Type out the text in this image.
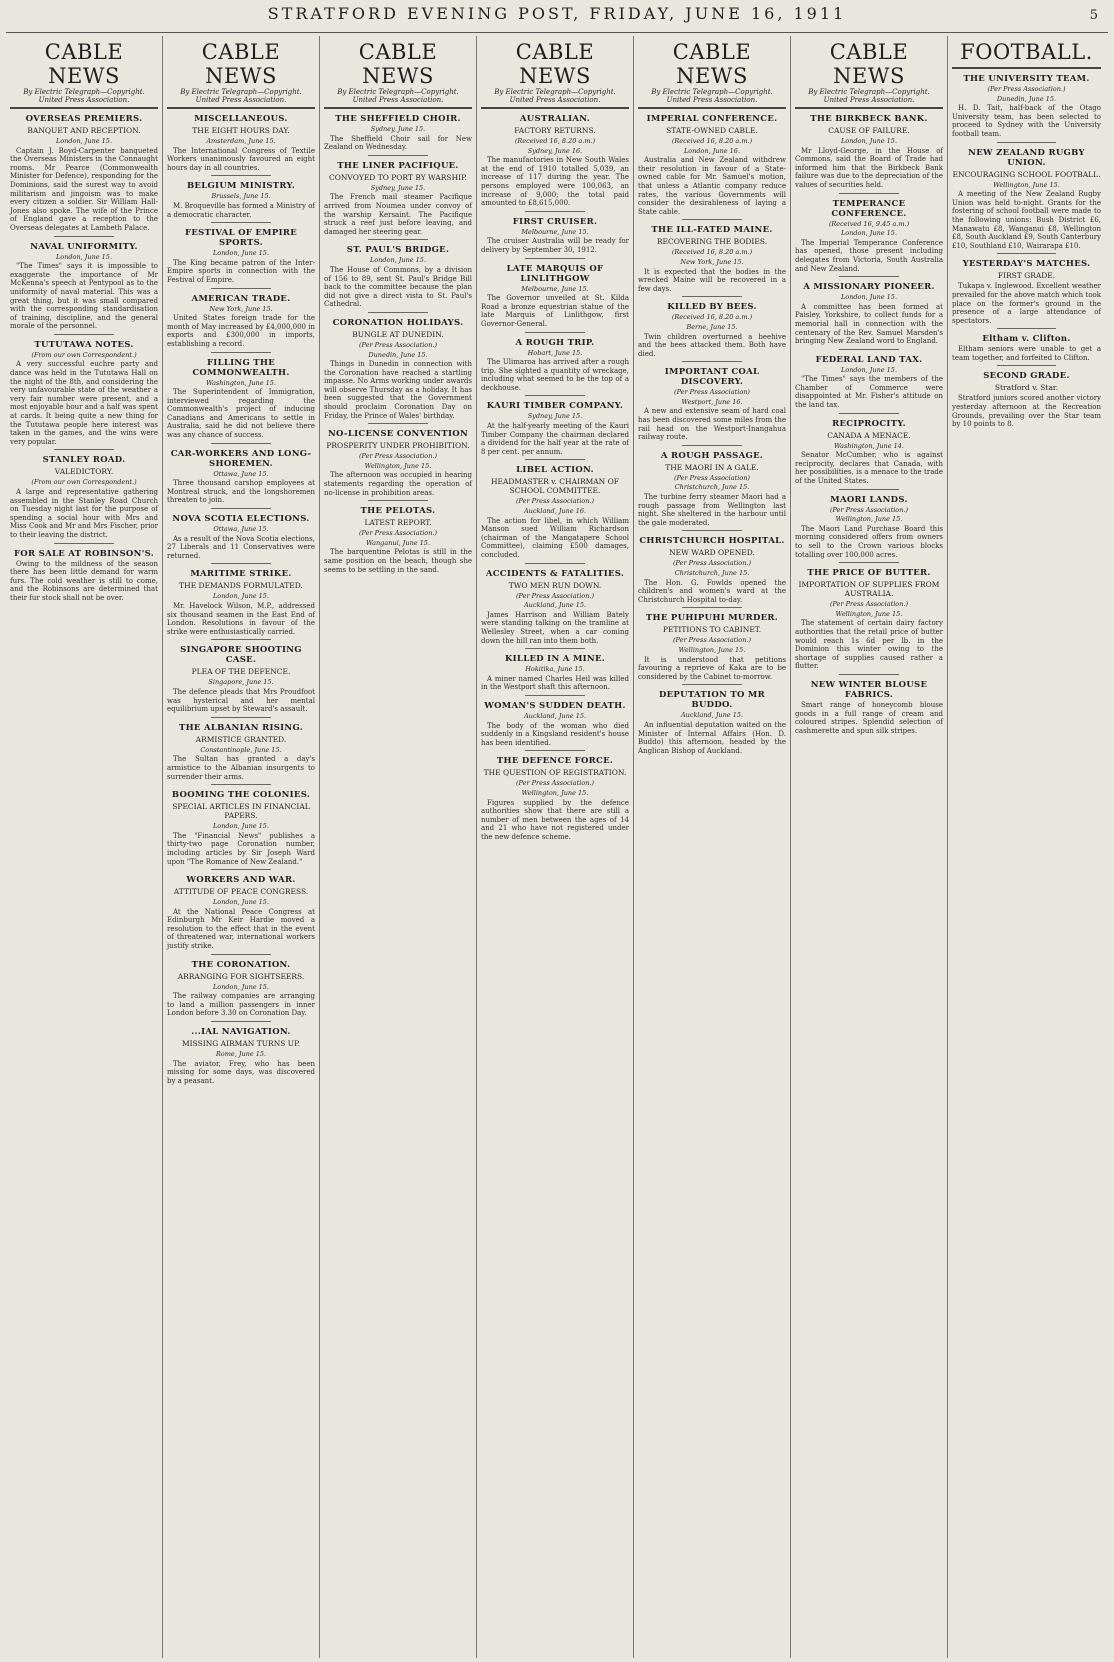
STRATFORD EVENING POST, FRIDAY, JUNE 16, 1911	5
CABLE NEWS
By Electric Telegraph—Copyright.
United Press Association.
OVERSEAS PREMIERS.
BANQUET AND RECEPTION.
London, June 15.

Captain J. Boyd-Carpenter banqueted the Overseas Ministers in the Connaught rooms. Mr Pearce (Commonwealth Minister for Defence), responding for the Dominions, said the surest way to avoid militarism and jingoism was to make every citizen a soldier. Sir William Hall-Jones also spoke. The wife of the Prince of England gave a reception to the Overseas delegates at Lambeth Palace.

NAVAL UNIFORMITY.
London, June 15.

"The Times" says it is impossible to exaggerate the importance of Mr McKenna's speech at Pentypool as to the uniformity of naval material. This was a great thing, but it was small compared with the corresponding standardisation of training, discipline, and the general morale of the personnel.

TUTUTAWA NOTES.
(From our own Correspondent.)

A very successful euchre party and dance was held in the Tututawa Hall on the night of the 8th, and considering the very unfavourable state of the weather a very fair number were present, and a most enjoyable hour and a half was spent at cards. It being quite a new thing for the Tututawa people here interest was taken in the games, and the wins were very popular.

STANLEY ROAD.
VALEDICTORY.
(From our own Correspondent.)

A large and representative gathering assembled in the Stanley Road Church on Tuesday night last for the purpose of spending a social hour with Mrs and Miss Cook and Mr and Mrs Fischer, prior to their leaving the district.

FOR SALE AT ROBINSON'S.

Owing to the mildness of the season there has been little demand for warm furs. The cold weather is still to come, and the Robinsons are determined that their fur stock shall not be over.

CABLE NEWS
By Electric Telegraph—Copyright.
United Press Association.
MISCELLANEOUS.
THE EIGHT HOURS DAY.
Amsterdam, June 15.

The International Congress of Textile Workers unanimously favoured an eight hours day in all countries.

BELGIUM MINISTRY.
Brussels, June 15.

M. Broqueville has formed a Ministry of a democratic character.

FESTIVAL OF EMPIRE SPORTS.
London, June 15.

The King became patron of the Inter-Empire sports in connection with the Festival of Empire.

AMERICAN TRADE.
New York, June 15.

United States foreign trade for the month of May increased by £4,000,000 in exports and £300,000 in imports, establishing a record.

FILLING THE COMMONWEALTH.
Washington, June 15.

The Superintendent of Immigration, interviewed regarding the Commonwealth's project of inducing Canadians and Americans to settle in Australia, said he did not believe there was any chance of success.

CAR-WORKERS AND LONG-SHOREMEN.
Ottawa, June 15.

Three thousand carshop employees at Montreal struck, and the longshoremen threaten to join.

NOVA SCOTIA ELECTIONS.
Ottawa, June 15.

As a result of the Nova Scotia elections, 27 Liberals and 11 Conservatives were returned.

MARITIME STRIKE.
THE DEMANDS FORMULATED.
London, June 15.

Mr. Havelock Wilson, M.P., addressed six thousand seamen in the East End of London. Resolutions in favour of the strike were enthusiastically carried.

SINGAPORE SHOOTING CASE.
PLEA OF THE DEFENCE.
Singapore, June 15.

The defence pleads that Mrs Proudfoot was hysterical and her mental equilibrium upset by Steward's assault.

THE ALBANIAN RISING.
ARMISTICE GRANTED.
Constantinople, June 15.

The Sultan has granted a day's armistice to the Albanian insurgents to surrender their arms.

BOOMING THE COLONIES.
SPECIAL ARTICLES IN FINANCIAL PAPERS.
London, June 15.

The "Financial News" publishes a thirty-two page Coronation number, including articles by Sir Joseph Ward upon "The Romance of New Zealand."

WORKERS AND WAR.
ATTITUDE OF PEACE CONGRESS.
London, June 15.

At the National Peace Congress at Edinburgh Mr Keir Hardie moved a resolution to the effect that in the event of threatened war, international workers justify strike.

THE CORONATION.
ARRANGING FOR SIGHTSEERS.
London, June 15.

The railway companies are arranging to land a million passengers in inner London before 3.30 on Coronation Day.

...IAL NAVIGATION.
MISSING AIRMAN TURNS UP.
Rome, June 15.

The aviator, Frey, who has been missing for some days, was discovered by a peasant.

CABLE NEWS
By Electric Telegraph—Copyright.
United Press Association.
THE SHEFFIELD CHOIR.
Sydney, June 15.

The Sheffield Choir sail for New Zealand on Wednesday.

THE LINER PACIFIQUE.
CONVOYED TO PORT BY WARSHIP.
Sydney, June 15.

The French mail steamer Pacifique arrived from Noumea under convoy of the warship Kersaint. The Pacifique struck a reef just before leaving, and damaged her steering gear.

ST. PAUL'S BRIDGE.
London, June 15.

The House of Commons, by a division of 156 to 89, sent St. Paul's Bridge Bill back to the committee because the plan did not give a direct vista to St. Paul's Cathedral.

CORONATION HOLIDAYS.
BUNGLE AT DUNEDIN.
(Per Press Association.)
Dunedin, June 15.

Things in Dunedin in connection with the Coronation have reached a startling impasse. No Arms working under awards will observe Thursday as a holiday. It has been suggested that the Government should proclaim Coronation Day on Friday, the Prince of Wales' birthday.

NO-LICENSE CONVENTION
PROSPERITY UNDER PROHIBITION.
(Per Press Association.)
Wellington, June 15.

The afternoon was occupied in hearing statements regarding the operation of no-license in prohibition areas.

THE PELOTAS.
LATEST REPORT.
(Per Press Association.)
Wanganui, June 15.

The barquentine Pelotas is still in the same position on the beach, though she seems to be settling in the sand.

CABLE NEWS
By Electric Telegraph—Copyright.
United Press Association.
AUSTRALIAN.
FACTORY RETURNS.
(Received 16, 8.20 a.m.)
Sydney, June 16.

The manufactories in New South Wales at the end of 1910 totalled 5,039, an increase of 117 during the year. The persons employed were 100,063, an increase of 9,000; the total paid amounted to £8,615,000.

FIRST CRUISER.
Melbourne, June 15.

The cruiser Australia will be ready for delivery by September 30, 1912.

LATE MARQUIS OF LINLITHGOW
Melbourne, June 15.

The Governor unveiled at St. Kilda Road a bronze equestrian statue of the late Marquis of Linlithgow, first Governor-General.

A ROUGH TRIP.
Hobart, June 15.

The Ulimaroa has arrived after a rough trip. She sighted a quantity of wreckage, including what seemed to be the top of a deckhouse.

KAURI TIMBER COMPANY.
Sydney, June 15.

At the half-yearly meeting of the Kauri Timber Company the chairman declared a dividend for the half year at the rate of 8 per cent. per annum.

LIBEL ACTION.
HEADMASTER v. CHAIRMAN OF SCHOOL COMMITTEE.
(Per Press Association.)
Auckland, June 16.

The action for libel, in which William Manson sued William Richardson (chairman of the Mangatapere School Committee), claiming £500 damages, concluded.

ACCIDENTS & FATALITIES.
TWO MEN RUN DOWN.
(Per Press Association.)
Auckland, June 15.

James Harrison and William Bately were standing talking on the tramline at Wellesley Street, when a car coming down the hill ran into them both.

KILLED IN A MINE.
Hokitika, June 15.

A miner named Charles Heil was killed in the Westport shaft this afternoon.

WOMAN'S SUDDEN DEATH.
Auckland, June 15.

The body of the woman who died suddenly in a Kingsland resident's house has been identified.

THE DEFENCE FORCE.
THE QUESTION OF REGISTRATION.
(Per Press Association.)
Wellington, June 15.

Figures supplied by the defence authorities show that there are still a number of men between the ages of 14 and 21 who have not registered under the new defence scheme.

CABLE NEWS
By Electric Telegraph—Copyright.
United Press Association.
IMPERIAL CONFERENCE.
STATE-OWNED CABLE.
(Received 16, 8.20 a.m.)
London, June 16.

Australia and New Zealand withdrew their resolution in favour of a State-owned cable for Mr. Samuel's motion, that unless a Atlantic company reduce rates, the various Governments will consider the desirableness of laying a State cable.

THE ILL-FATED MAINE.
RECOVERING THE BODIES.
(Received 16, 8.20 a.m.)
New York, June 15.

It is expected that the bodies in the wrecked Maine will be recovered in a few days.

KILLED BY BEES.
(Received 16, 8.20 a.m.)
Berne, June 15.

Twin children overturned a beehive and the bees attacked them. Both have died.

IMPORTANT COAL DISCOVERY.
(Per Press Association)
Westport, June 16.

A new and extensive seam of hard coal has been discovered some miles from the rail head on the Westport-Inangahua railway route.

A ROUGH PASSAGE.
THE MAORI IN A GALE.
(Per Press Association)
Christchurch, June 15.

The turbine ferry steamer Maori had a rough passage from Wellington last night. She sheltered in the harbour until the gale moderated.

CHRISTCHURCH HOSPITAL.
NEW WARD OPENED.
(Per Press Association.)
Christchurch, June 15.

The Hon. G. Fowlds opened the children's and women's ward at the Christchurch Hospital to-day.

THE PUHIPUHI MURDER.
PETITIONS TO CABINET.
(Per Press Association.)
Wellington, June 15.

It is understood that petitions favouring a reprieve of Kaka are to be considered by the Cabinet to-morrow.

DEPUTATION TO MR BUDDO.
Auckland, June 15.

An influential deputation waited on the Minister of Internal Affairs (Hon. D. Buddo) this afternoon, headed by the Anglican Bishop of Auckland.

CABLE NEWS
By Electric Telegraph—Copyright.
United Press Association.
THE BIRKBECK BANK.
CAUSE OF FAILURE.
London, June 15.

Mr Lloyd-George, in the House of Commons, said the Board of Trade had informed him that the Birkbeck Bank failure was due to the depreciation of the values of securities held.

TEMPERANCE CONFERENCE.
(Received 16, 9.45 a.m.)
London, June 15.

The Imperial Temperance Conference has opened, those present including delegates from Victoria, South Australia and New Zealand.

A MISSIONARY PIONEER.
London, June 15.

A committee has been formed at Paisley, Yorkshire, to collect funds for a memorial hall in connection with the centenary of the Rev. Samuel Marsden's bringing New Zealand word to England.

FEDERAL LAND TAX.
London, June 15.

"The Times" says the members of the Chamber of Commerce were disappointed at Mr. Fisher's attitude on the land tax.

RECIPROCITY.
CANADA A MENACE.
Washington, June 14.

Senator McCumber, who is against reciprocity, declares that Canada, with her possibilities, is a menace to the trade of the United States.

MAORI LANDS.
(Per Press Association.)
Wellington, June 15.

The Maori Land Purchase Board this morning considered offers from owners to sell to the Crown various blocks totalling over 100,000 acres.

THE PRICE OF BUTTER.
IMPORTATION OF SUPPLIES FROM AUSTRALIA.
(Per Press Association.)
Wellington, June 15.

The statement of certain dairy factory authorities that the retail price of butter would reach 1s 6d per lb. in the Dominion this winter owing to the shortage of supplies caused rather a flutter.

NEW WINTER BLOUSE FABRICS.

Smart range of honeycomb blouse goods in a full range of cream and coloured stripes. Splendid selection of cashmerette and spun silk stripes.

FOOTBALL.
THE UNIVERSITY TEAM.
(Per Press Association.)
Dunedin, June 15.

H. D. Tait, half-back of the Otago University team, has been selected to proceed to Sydney with the University football team.

NEW ZEALAND RUGBY UNION.
ENCOURAGING SCHOOL FOOTBALL.
Wellington, June 15.

A meeting of the New Zealand Rugby Union was held to-night. Grants for the fostering of school football were made to the following unions: Bush District £6, Manawatu £8, Wanganui £8, Wellington £8, South Auckland £9, South Canterbury £10, Southland £10, Wairarapa £10.

YESTERDAY'S MATCHES.
FIRST GRADE.

Tukapa v. Inglewood. Excellent weather prevailed for the above match which took place on the former's ground in the presence of a large attendance of spectators.

Eltham v. Clifton.

Eltham seniors were unable to get a team together, and forfeited to Clifton.

SECOND GRADE.
Stratford v. Star.

Stratford juniors scored another victory yesterday afternoon at the Recreation Grounds, prevailing over the Star team by 10 points to 8.
